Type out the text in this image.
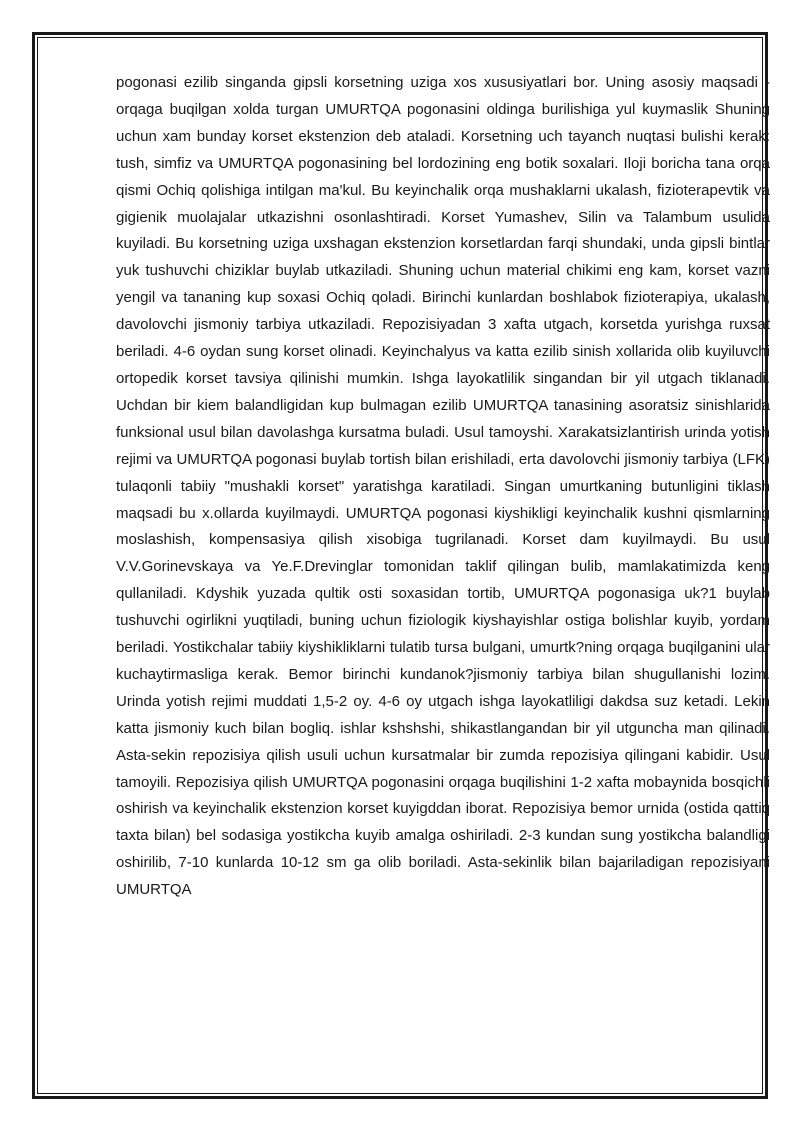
pogonasi ezilib singanda gipsli korsetning uziga xos xususiyatlari bor. Uning asosiy maqsadi - orqaga buqilgan xolda turgan UMURTQA pogonasini oldinga burilishiga yul kuymaslik Shuning uchun xam bunday korset ekstenzion deb ataladi. Korsetning uch tayanch nuqtasi bulishi kerak: tush, simfiz va UMURTQA pogonasining bel lordozining eng botik soxalari. Iloji boricha tana orqa qismi Ochiq qolishiga intilgan ma'kul. Bu keyinchalik orqa mushaklarni ukalash, fizioterapevtik va gigienik muolajalar utkazishni osonlashtiradi. Korset Yumashev, Silin va Talambum usulida kuyiladi. Bu korsetning uziga uxshagan ekstenzion korsetlardan farqi shundaki, unda gipsli bintlar yuk tushuvchi chiziklar buylab utkaziladi. Shuning uchun material chikimi eng kam, korset vazni yengil va tananing kup soxasi Ochiq qoladi. Birinchi kunlardan boshlabok fizioterapiya, ukalash, davolovchi jismoniy tarbiya utkaziladi. Repozisiyadan 3 xafta utgach, korsetda yurishga ruxsat beriladi. 4-6 oydan sung korset olinadi. Keyinchalyus va katta ezilib sinish xollarida olib kuyiluvchi ortopedik korset tavsiya qilinishi mumkin. Ishga layokatlilik singandan bir yil utgach tiklanadi. Uchdan bir kiem balandligidan kup bulmagan ezilib UMURTQA tanasining asoratsiz sinishlarida funksional usul bilan davolashga kursatma buladi. Usul tamoyshi. Xarakatsizlantirish urinda yotish rejimi va UMURTQA pogonasi buylab tortish bilan erishiladi, erta davolovchi jismoniy tarbiya (LFK) tulaqonli tabiiy "mushakli korset" yaratishga karatiladi. Singan umurtkaning butunligini tiklash maqsadi bu x.ollarda kuyilmaydi. UMURTQA pogonasi kiyshikligi keyinchalik kushni qismlarning moslashish, kompensasiya qilish xisobiga tugrilanadi. Korset dam kuyilmaydi. Bu usul V.V.Gorinevskaya va Ye.F.Drevinglar tomonidan taklif qilingan bulib, mamlakatimizda keng qullaniladi. Kdyshik yuzada qultik osti soxasidan tortib, UMURTQA pogonasiga uk?1 buylab tushuvchi ogirlikni yuqtiladi, buning uchun fiziologik kiyshayishlar ostiga bolishlar kuyib, yordam beriladi. Yostikchalar tabiiy kiyshikliklarni tulatib tursa bulgani, umurtk?ning orqaga buqilganini ular kuchaytirmasliga kerak. Bemor birinchi kundanok?jismoniy tarbiya bilan shugullanishi lozim. Urinda yotish rejimi muddati 1,5-2 oy. 4-6 oy utgach ishga layokatliligi dakdsa suz ketadi. Lekin katta jismoniy kuch bilan bogliq. ishlar kshshshi, shikastlangandan bir yil utguncha man qilinadi. Asta-sekin repozisiya qilish usuli uchun kursatmalar bir zumda repozisiya qilingani kabidir. Usul tamoyili. Repozisiya qilish UMURTQA pogonasini orqaga buqilishini 1-2 xafta mobaynida bosqichli oshirish va keyinchalik ekstenzion korset kuyigddan iborat. Repozisiya bemor urnida (ostida qattiq taxta bilan) bel sodasiga yostikcha kuyib amalga oshiriladi. 2-3 kundan sung yostikcha balandligi oshirilib, 7-10 kunlarda 10-12 sm ga olib boriladi. Asta-sekinlik bilan bajariladigan repozisiyani UMURTQA
